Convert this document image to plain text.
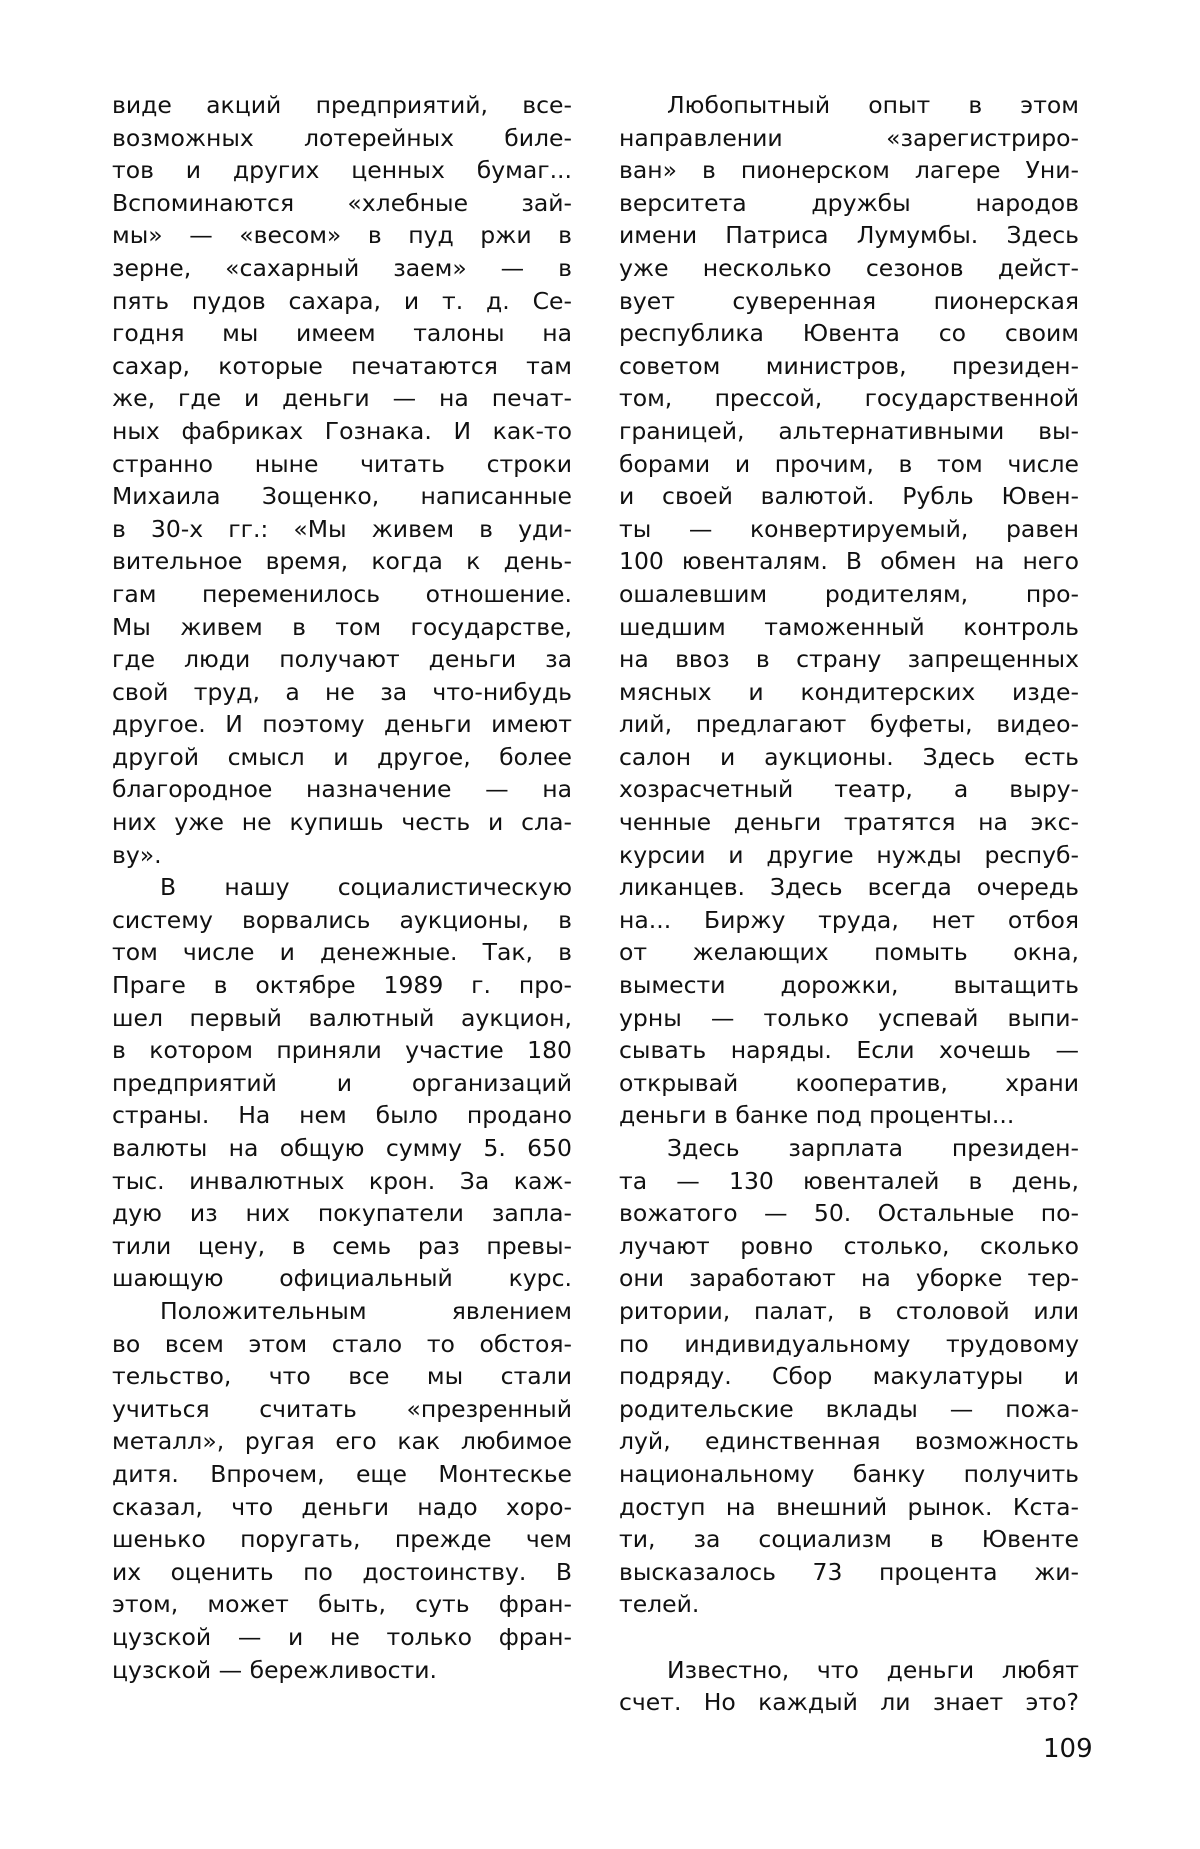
виде акций предприятий, все-
возможных лотерейных биле-
тов и других ценных бумаг...
Вспоминаются «хлебные зай-
мы» — «весом» в пуд ржи в
зерне, «сахарный заем» — в
пять пудов сахара, и т. д. Се-
годня мы имеем талоны на
сахар, которые печатаются там
же, где и деньги — на печат-
ных фабриках Гознака. И как-то
странно ныне читать строки
Михаила Зощенко, написанные
в 30-х гг.: «Мы живем в уди-
вительное время, когда к день-
гам переменилось отношение.
Мы живем в том государстве,
где люди получают деньги за
свой труд, а не за что-нибудь
другое. И поэтому деньги имеют
другой смысл и другое, более
благородное назначение — на
них уже не купишь честь и сла-
ву».
В нашу социалистическую
систему ворвались аукционы, в
том числе и денежные. Так, в
Праге в октябре 1989 г. про-
шел первый валютный аукцион,
в котором приняли участие 180
предприятий и организаций
страны. На нем было продано
валюты на общую сумму 5. 650
тыс. инвалютных крон. За каж-
дую из них покупатели запла-
тили цену, в семь раз превы-
шающую официальный курс.
Положительным явлением
во всем этом стало то обстоя-
тельство, что все мы стали
учиться считать «презренный
металл», ругая его как любимое
дитя. Впрочем, еще Монтескье
сказал, что деньги надо хоро-
шенько поругать, прежде чем
их оценить по достоинству. В
этом, может быть, суть фран-
цузской — и не только фран-
цузской — бережливости.
Любопытный опыт в этом
направлении «зарегистриро-
ван» в пионерском лагере Уни-
верситета дружбы народов
имени Патриса Лумумбы. Здесь
уже несколько сезонов дейст-
вует суверенная пионерская
республика Ювента со своим
советом министров, президен-
том, прессой, государственной
границей, альтернативными вы-
борами и прочим, в том числе
и своей валютой. Рубль Ювен-
ты — конвертируемый, равен
100 ювенталям. В обмен на него
ошалевшим родителям, про-
шедшим таможенный контроль
на ввоз в страну запрещенных
мясных и кондитерских изде-
лий, предлагают буфеты, видео-
салон и аукционы. Здесь есть
хозрасчетный театр, а выру-
ченные деньги тратятся на экс-
курсии и другие нужды респуб-
ликанцев. Здесь всегда очередь
на... Биржу труда, нет отбоя
от желающих помыть окна,
вымести дорожки, вытащить
урны — только успевай выпи-
сывать наряды. Если хочешь —
открывай кооператив, храни
деньги в банке под проценты...
Здесь зарплата президен-
та — 130 ювенталей в день,
вожатого — 50. Остальные по-
лучают ровно столько, сколько
они заработают на уборке тер-
ритории, палат, в столовой или
по индивидуальному трудовому
подряду. Сбор макулатуры и
родительские вклады — пожа-
луй, единственная возможность
национальному банку получить
доступ на внешний рынок. Кста-
ти, за социализм в Ювенте
высказалось 73 процента жи-
телей.
Известно, что деньги любят
счет. Но каждый ли знает это?
109
